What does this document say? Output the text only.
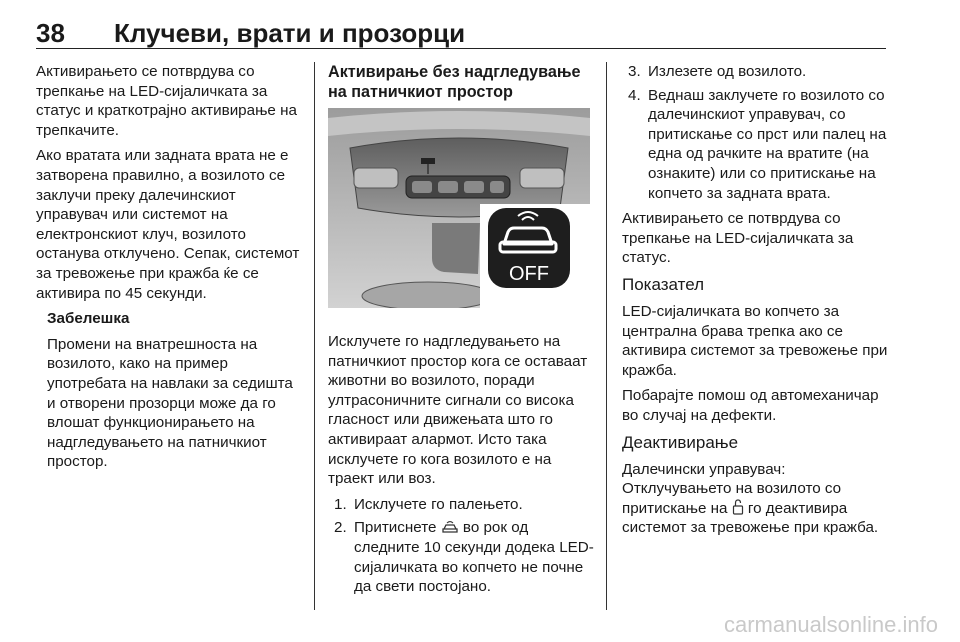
38 Клучеви, врати и прозорци

Активирањето се потврдува со трепкање на LED-сијаличката за статус и краткотрајно активирање на трепкачите.

Ако вратата или задната врата не е затворена правилно, а возилото се заклучи преку далечинскиот управувач или системот на електронскиот клуч, возилото останува отклучено. Сепак, системот за тревожење при кражба ќе се активира по 45 секунди.

Забелешка

Промени на внатрешноста на возилото, како на пример употребата на навлаки за седишта и отворени прозорци може да го влошат функционирањето на надгледувањето на патничкиот простор.

Активирање без надгледување на патничкиот простор

OFF

Исклучете го надгледувањето на патничкиот простор кога се оставаат животни во возилото, поради ултрасоничните сигнали со висока гласност или движењата што го активираат алармот. Исто така исклучете го кога возилото е на траект или воз.

1. Исклучете го палењето.
2. Притиснете во рок од следните 10 секунди додека LED-сијаличката во копчето не почне да свети постојано.
3. Излезете од возилото.
4. Веднаш заклучете го возилото со далечинскиот управувач, со притискање со прст или палец на една од рачките на вратите (на ознаките) или со притискање на копчето за задната врата.

Активирањето се потврдува со трепкање на LED-сијаличката за статус.

Показател

LED-сијаличката во копчето за централна брава трепка ако се активира системот за тревожење при кражба.

Побарајте помош од автомеханичар во случај на дефекти.

Деактивирање

Далечински управувач:

Отклучувањето на возилото со притискање на го деактивира системот за тревожење при кражба.

carmanualsonline.info
